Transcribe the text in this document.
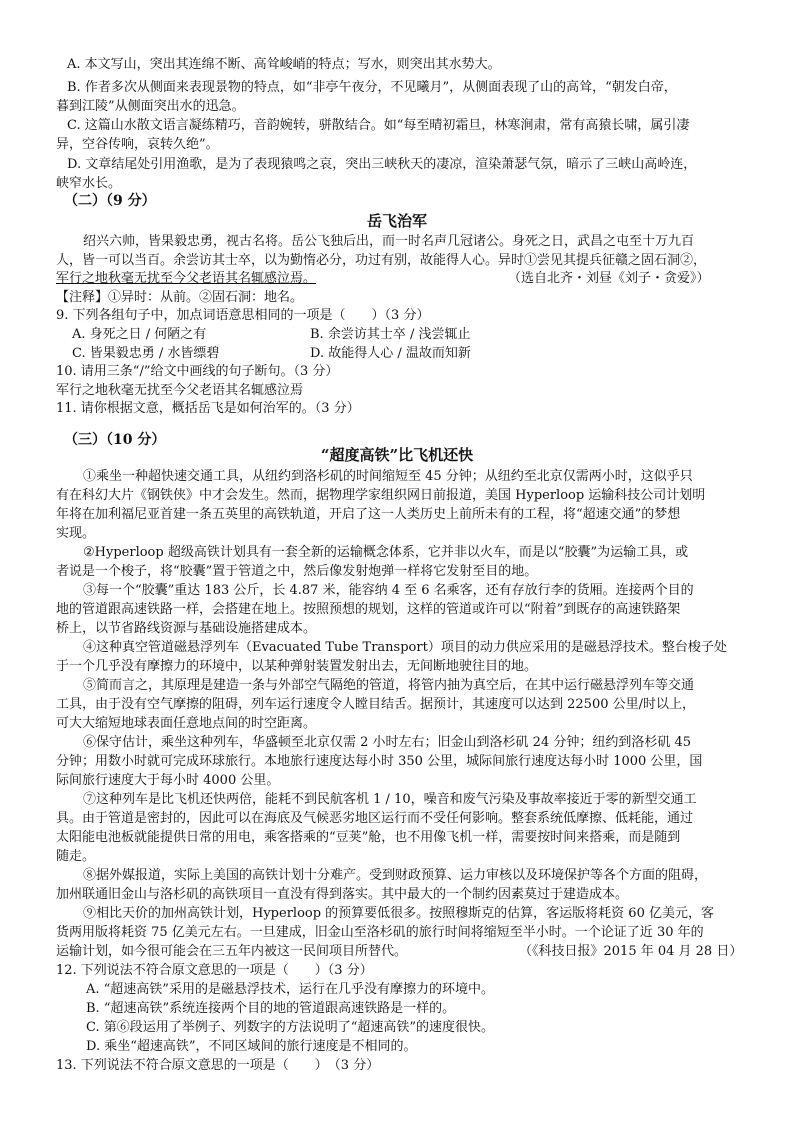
A. 本文写山，突出其连绵不断、高耸峻峭的特点；写水，则突出其水势大。
B. 作者多次从侧面来表现景物的特点，如“非亭午夜分，不见曦月”，从侧面表现了山的高耸，“朝发白帝，
暮到江陵”从侧面突出水的迅急。
C. 这篇山水散文语言凝练精巧，音韵婉转，骈散结合。如“每至晴初霜旦，林寒涧肃，常有高猿长啸，属引凄
异，空谷传响，哀转久绝”。
D. 文章结尾处引用渔歌，是为了表现猿鸣之哀，突出三峡秋天的凄凉，渲染萧瑟气氛，暗示了三峡山高岭连，
峡窄水长。
（二）（9 分）
岳飞治军
绍兴六帅，皆果毅忠勇，视古名将。岳公飞独后出，而一时名声几冠诸公。身死之日，武昌之屯至十万九百
人，皆一可以当百。余尝访其士卒，以为勤惰必分，功过有别，故能得人心。异时①尝见其提兵征赣之固石洞②，
军行之地秋毫无扰至今父老语其名辄感泣焉。	（选自北齐・刘昼《刘子・贪爱》）
【注释】①异时：从前。②固石洞：地名。
9. 下列各组句子中，加点词语意思相同的一项是（　　）（3 分）
A. 身死之日 / 何陋之有	B. 余尝访其士卒 / 浅尝辄止
C. 皆果毅忠勇 / 水皆缥碧	D. 故能得人心 / 温故而知新
10. 请用三条“/”给文中画线的句子断句。（3 分）
军行之地秋毫无扰至今父老语其名辄感泣焉
11. 请你根据文意，概括岳飞是如何治军的。（3 分）
（三）（10 分）
“超度高铁”比飞机还快
①乘坐一种超快速交通工具，从纽约到洛杉矶的时间缩短至 45 分钟；从纽约至北京仅需两小时，这似乎只
有在科幻大片《钢铁侠》中才会发生。然而，据物理学家组织网日前报道，美国 Hyperloop 运输科技公司计划明
年将在加利福尼亚首建一条五英里的高铁轨道，开启了这一人类历史上前所未有的工程，将“超速交通”的梦想
实现。
②Hyperloop 超级高铁计划具有一套全新的运输概念体系，它并非以火车，而是以“胶囊”为运输工具，或
者说是一个梭子，将“胶囊”置于管道之中，然后像发射炮弹一样将它发射至目的地。
③每一个“胶囊”重达 183 公斤，长 4.87 米，能容纳 4 至 6 名乘客，还有存放行李的货厢。连接两个目的
地的管道跟高速铁路一样，会搭建在地上。按照预想的规划，这样的管道或许可以“附着”到既存的高速铁路架
桥上，以节省路线资源与基础设施搭建成本。
④这种真空管道磁悬浮列车（Evacuated Tube Transport）项目的动力供应采用的是磁悬浮技术。整台梭子处
于一个几乎没有摩擦力的环境中，以某种弹射装置发射出去，无间断地驶往目的地。
⑤简而言之，其原理是建造一条与外部空气隔绝的管道，将管内抽为真空后，在其中运行磁悬浮列车等交通
工具，由于没有空气摩擦的阻碍，列车运行速度令人瞠目结舌。据预计，其速度可以达到 22500 公里/时以上，
可大大缩短地球表面任意地点间的时空距离。
⑥保守估计，乘坐这种列车，华盛顿至北京仅需 2 小时左右；旧金山到洛杉矶 24 分钟；纽约到洛杉矶 45
分钟；用数小时就可完成环球旅行。本地旅行速度达每小时 350 公里，城际间旅行速度达每小时 1000 公里，国
际间旅行速度大于每小时 4000 公里。
⑦这种列车是比飞机还快两倍，能耗不到民航客机 1 / 10，噪音和废气污染及事故率接近于零的新型交通工
具。由于管道是密封的，因此可以在海底及气候恶劣地区运行而不受任何影响。整套系统低摩擦、低耗能，通过
太阳能电池板就能提供日常的用电，乘客搭乘的“豆荚”舱，也不用像飞机一样，需要按时间来搭乘，而是随到
随走。
⑧据外媒报道，实际上美国的高铁计划十分难产。受到财政预算、运力审核以及环境保护等各个方面的阻碍，
加州联通旧金山与洛杉矶的高铁项目一直没有得到落实。其中最大的一个制约因素莫过于建造成本。
⑨相比天价的加州高铁计划，Hyperloop 的预算要低很多。按照穆斯克的估算，客运版将耗资 60 亿美元，客
货两用版将耗资 75 亿美元左右。一旦建成，旧金山至洛杉矶的旅行时间将缩短至半小时。一个论证了近 30 年的
运输计划，如今很可能会在三五年内被这一民间项目所替代。	（《科技日报》2015 年 04 月 28 日）
12. 下列说法不符合原文意思的一项是（　　）（3 分）
A. “超速高铁”采用的是磁悬浮技术，运行在几乎没有摩擦力的环境中。
B. “超速高铁”系统连接两个目的地的管道跟高速铁路是一样的。
C. 第⑥段运用了举例子、列数字的方法说明了“超速高铁”的速度很快。
D. 乘坐“超速高铁”，不同区域间的旅行速度是不相同的。
13. 下列说法不符合原文意思的一项是（　　）　（3 分）
